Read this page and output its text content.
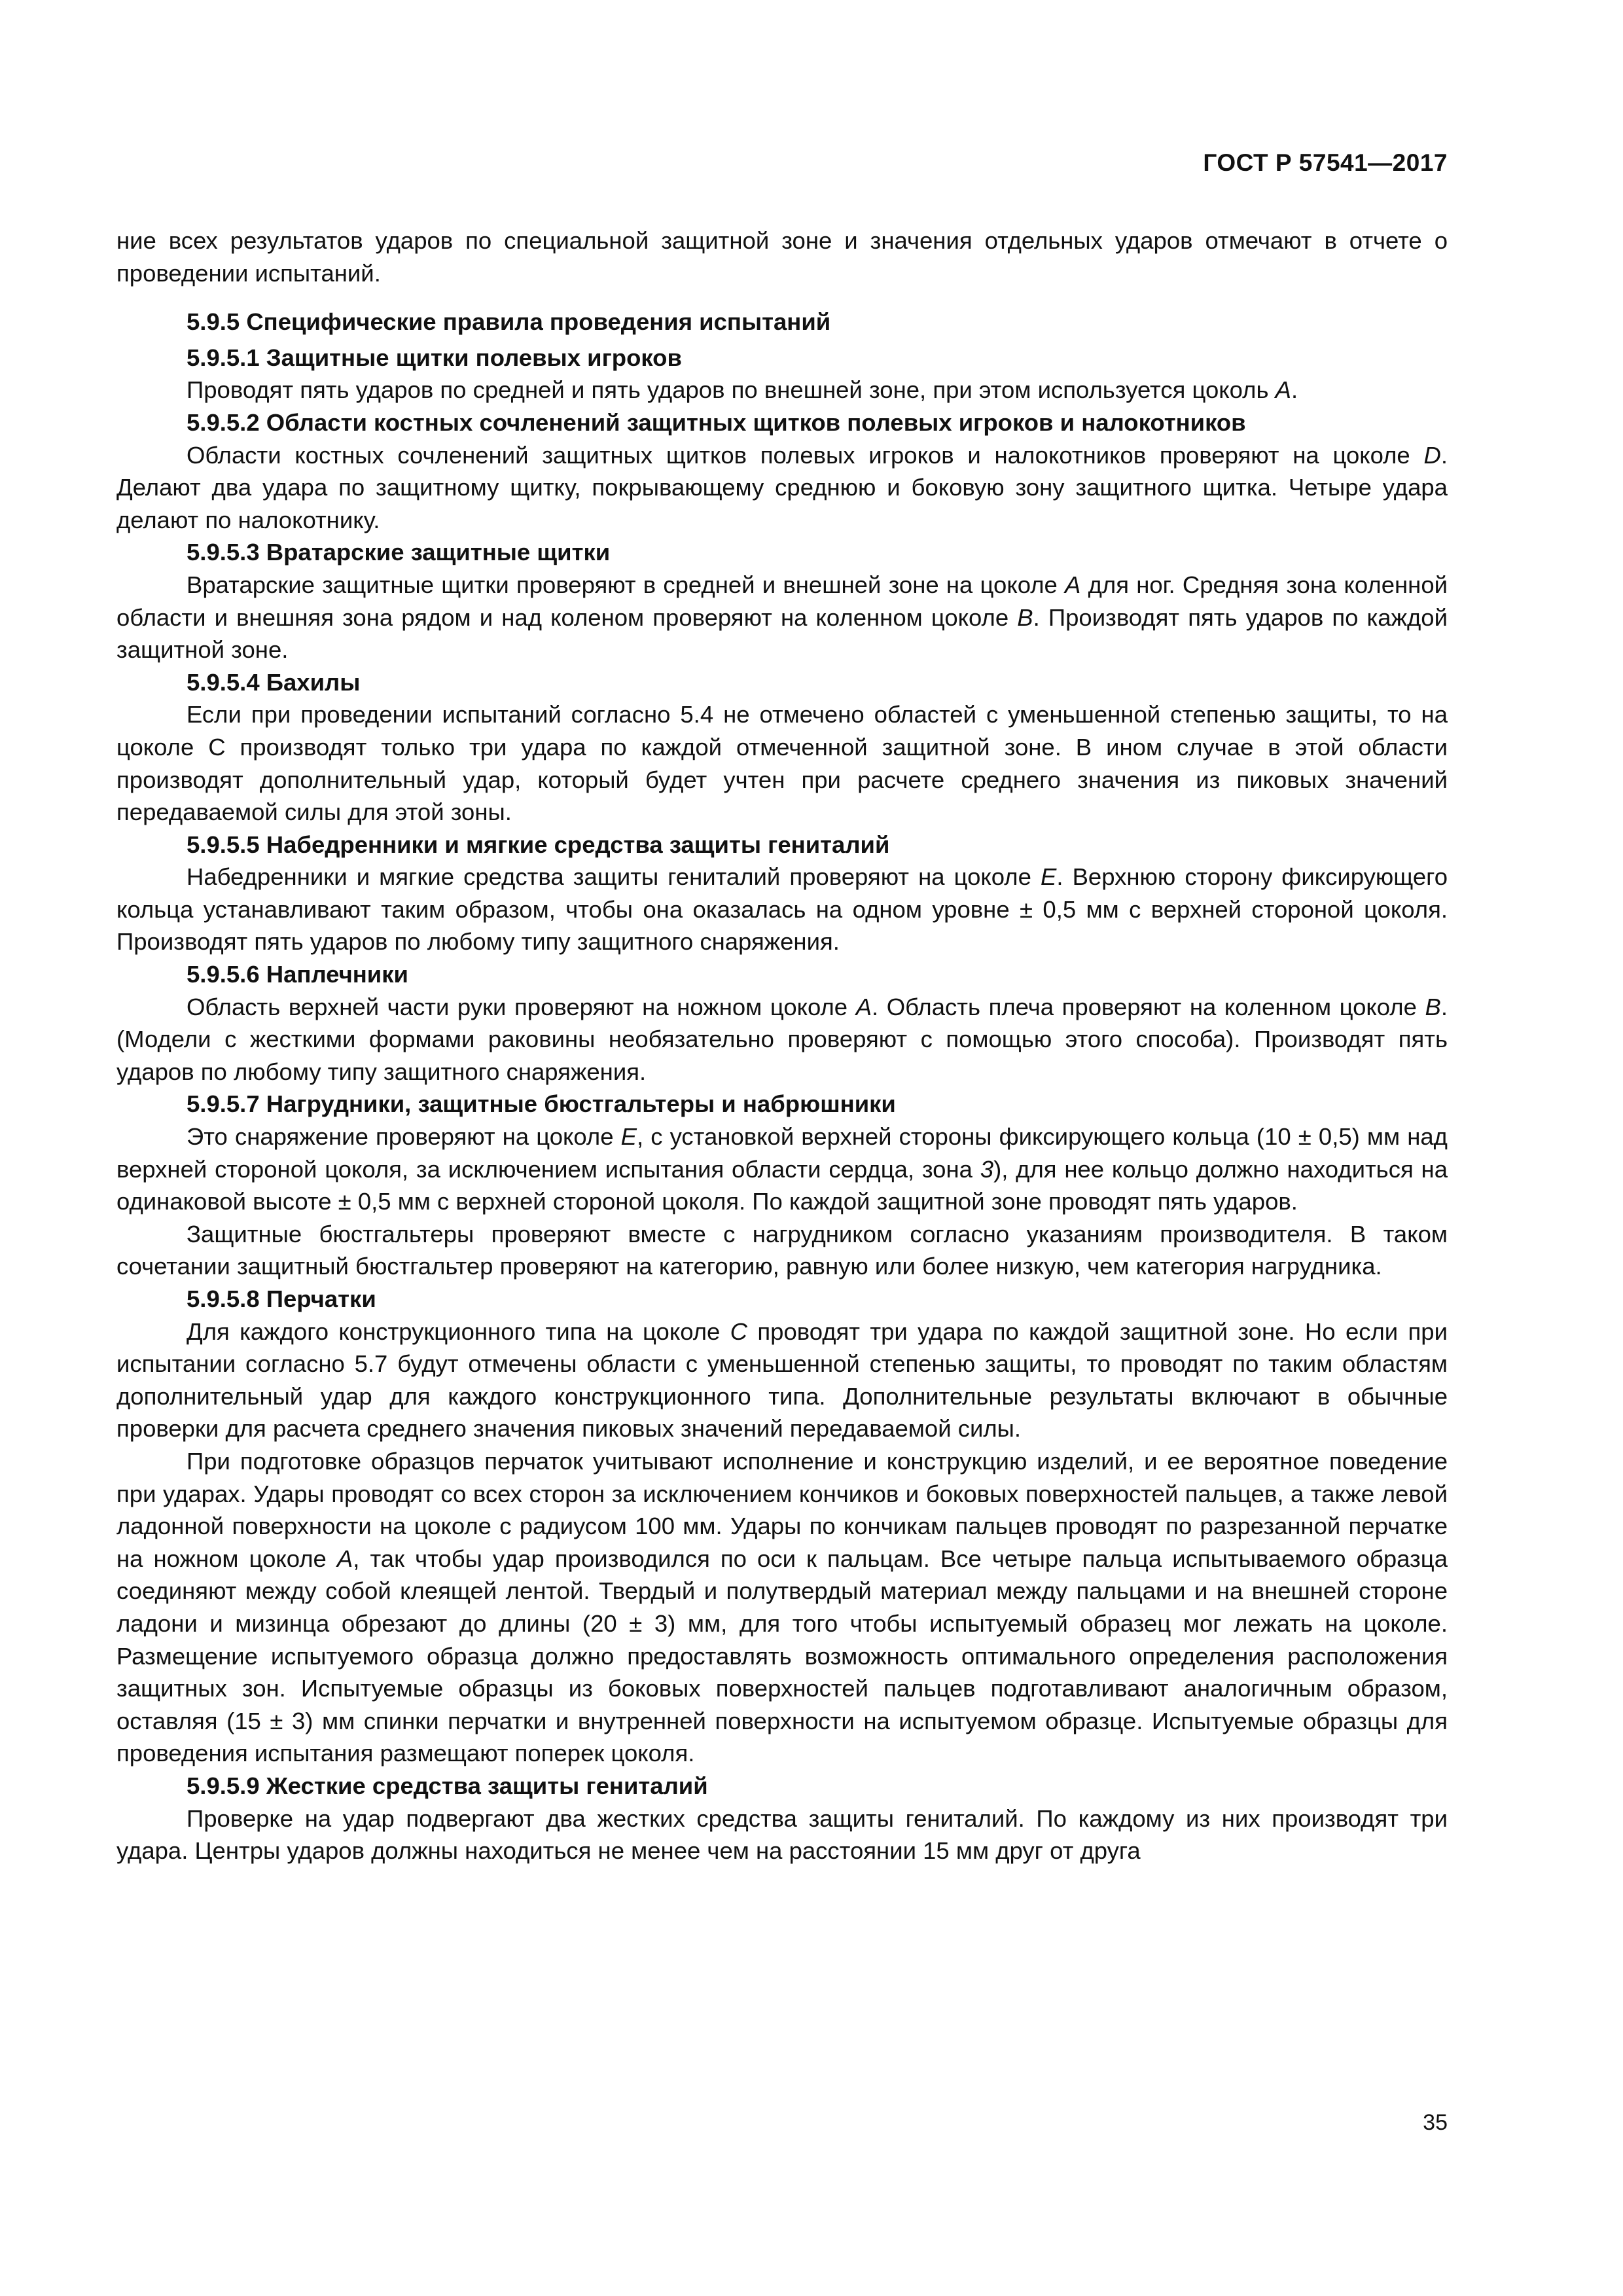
ГОСТ Р 57541—2017

ние всех результатов ударов по специальной защитной зоне и значения отдельных ударов отмечают в отчете о проведении испытаний.

5.9.5 Специфические правила проведения испытаний
5.9.5.1 Защитные щитки полевых игроков

Проводят пять ударов по средней и пять ударов по внешней зоне, при этом используется цоколь A.

5.9.5.2 Области костных сочленений защитных щитков полевых игроков и налокотников

Области костных сочленений защитных щитков полевых игроков и налокотников проверяют на цоколе D. Делают два удара по защитному щитку, покрывающему среднюю и боковую зону защитного щитка. Четыре удара делают по налокотнику.

5.9.5.3 Вратарские защитные щитки

Вратарские защитные щитки проверяют в средней и внешней зоне на цоколе A для ног. Средняя зона коленной области и внешняя зона рядом и над коленом проверяют на коленном цоколе B. Производят пять ударов по каждой защитной зоне.

5.9.5.4 Бахилы

Если при проведении испытаний согласно 5.4 не отмечено областей с уменьшенной степенью защиты, то на цоколе С производят только три удара по каждой отмеченной защитной зоне. В ином случае в этой области производят дополнительный удар, который будет учтен при расчете среднего значения из пиковых значений передаваемой силы для этой зоны.

5.9.5.5 Набедренники и мягкие средства защиты гениталий

Набедренники и мягкие средства защиты гениталий проверяют на цоколе E. Верхнюю сторону фиксирующего кольца устанавливают таким образом, чтобы она оказалась на одном уровне ± 0,5 мм с верхней стороной цоколя. Производят пять ударов по любому типу защитного снаряжения.

5.9.5.6 Наплечники

Область верхней части руки проверяют на ножном цоколе A. Область плеча проверяют на коленном цоколе B. (Модели с жесткими формами раковины необязательно проверяют с помощью этого способа). Производят пять ударов по любому типу защитного снаряжения.

5.9.5.7 Нагрудники, защитные бюстгальтеры и набрюшники

Это снаряжение проверяют на цоколе E, с установкой верхней стороны фиксирующего кольца (10 ± 0,5) мм над верхней стороной цоколя, за исключением испытания области сердца, зона 3), для нее кольцо должно находиться на одинаковой высоте ± 0,5 мм с верхней стороной цоколя. По каждой защитной зоне проводят пять ударов.

Защитные бюстгальтеры проверяют вместе с нагрудником согласно указаниям производителя. В таком сочетании защитный бюстгальтер проверяют на категорию, равную или более низкую, чем категория нагрудника.

5.9.5.8 Перчатки

Для каждого конструкционного типа на цоколе C проводят три удара по каждой защитной зоне. Но если при испытании согласно 5.7 будут отмечены области с уменьшенной степенью защиты, то проводят по таким областям дополнительный удар для каждого конструкционного типа. Дополнительные результаты включают в обычные проверки для расчета среднего значения пиковых значений передаваемой силы.

При подготовке образцов перчаток учитывают исполнение и конструкцию изделий, и ее вероятное поведение при ударах. Удары проводят со всех сторон за исключением кончиков и боковых поверхностей пальцев, а также левой ладонной поверхности на цоколе с радиусом 100 мм. Удары по кончикам пальцев проводят по разрезанной перчатке на ножном цоколе A, так чтобы удар производился по оси к пальцам. Все четыре пальца испытываемого образца соединяют между собой клеящей лентой. Твердый и полутвердый материал между пальцами и на внешней стороне ладони и мизинца обрезают до длины (20 ± 3) мм, для того чтобы испытуемый образец мог лежать на цоколе. Размещение испытуемого образца должно предоставлять возможность оптимального определения расположения защитных зон. Испытуемые образцы из боковых поверхностей пальцев подготавливают аналогичным образом, оставляя (15 ± 3) мм спинки перчатки и внутренней поверхности на испытуемом образце. Испытуемые образцы для проведения испытания размещают поперек цоколя.

5.9.5.9 Жесткие средства защиты гениталий

Проверке на удар подвергают два жестких средства защиты гениталий. По каждому из них производят три удара. Центры ударов должны находиться не менее чем на расстоянии 15 мм друг от друга

35
